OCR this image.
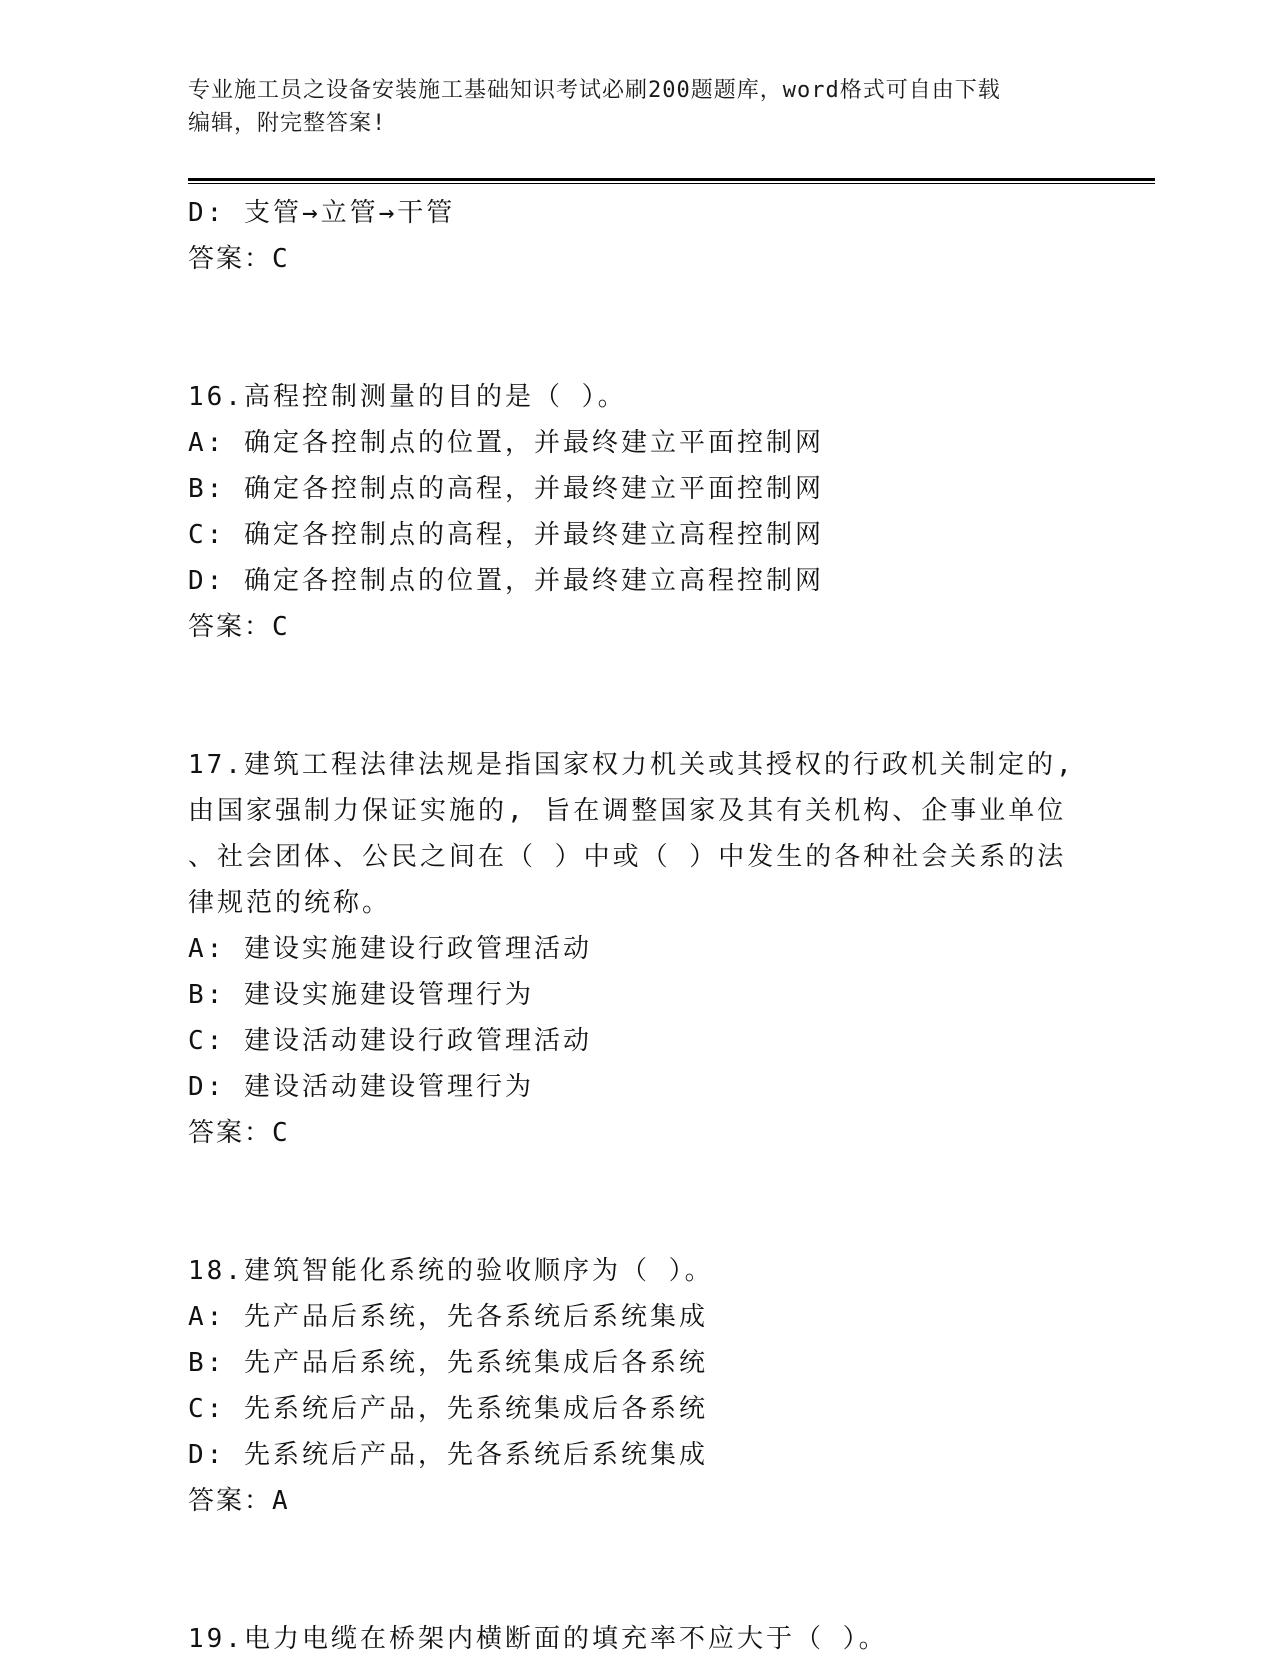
专业施工员之设备安装施工基础知识考试必刷200题题库，word格式可自由下载
编辑，附完整答案!
D: 支管→立管→干管
答案：C
16.高程控制测量的目的是（ ）。
A: 确定各控制点的位置，并最终建立平面控制网
B: 确定各控制点的高程，并最终建立平面控制网
C: 确定各控制点的高程，并最终建立高程控制网
D: 确定各控制点的位置，并最终建立高程控制网
答案：C
17.建筑工程法律法规是指国家权力机关或其授权的行政机关制定的,
由国家强制力保证实施的, 旨在调整国家及其有关机构、企事业单位
、社会团体、公民之间在（ ）中或（ ）中发生的各种社会关系的法
律规范的统称。
A: 建设实施建设行政管理活动
B: 建设实施建设管理行为
C: 建设活动建设行政管理活动
D: 建设活动建设管理行为
答案：C
18.建筑智能化系统的验收顺序为（ ）。
A: 先产品后系统，先各系统后系统集成
B: 先产品后系统，先系统集成后各系统
C: 先系统后产品，先系统集成后各系统
D: 先系统后产品，先各系统后系统集成
答案：A
19.电力电缆在桥架内横断面的填充率不应大于（ ）。
